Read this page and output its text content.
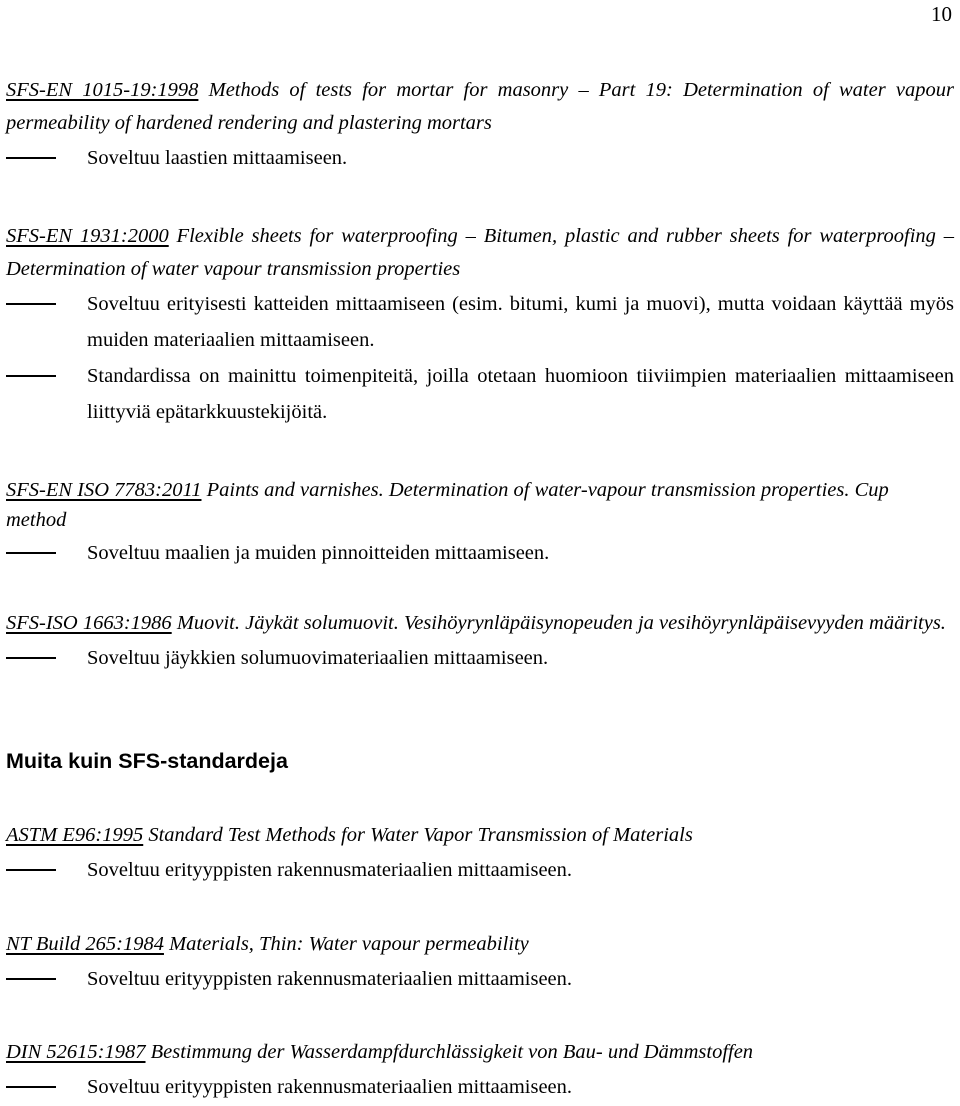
10
SFS-EN 1015-19:1998 Methods of tests for mortar for masonry – Part 19: Determination of water vapour permeability of hardened rendering and plastering mortars
Soveltuu laastien mittaamiseen.
SFS-EN 1931:2000 Flexible sheets for waterproofing – Bitumen, plastic and rubber sheets for waterproofing – Determination of water vapour transmission properties
Soveltuu erityisesti katteiden mittaamiseen (esim. bitumi, kumi ja muovi), mutta voidaan käyttää myös muiden materiaalien mittaamiseen.
Standardissa on mainittu toimenpiteitä, joilla otetaan huomioon tiiviimpien materiaalien mittaamiseen liittyviä epätarkkuustekijöitä.
SFS-EN ISO 7783:2011 Paints and varnishes. Determination of water-vapour transmission properties. Cup method
Soveltuu maalien ja muiden pinnoitteiden mittaamiseen.
SFS-ISO 1663:1986 Muovit. Jäykät solumuovit. Vesihöyrynläpäisynopeuden ja vesihöyrynläpäisevyyden määritys.
Soveltuu jäykkien solumuovimateriaalien mittaamiseen.
Muita kuin SFS-standardeja
ASTM E96:1995 Standard Test Methods for Water Vapor Transmission of Materials
Soveltuu erityyppisten rakennusmateriaalien mittaamiseen.
NT Build 265:1984 Materials, Thin: Water vapour permeability
Soveltuu erityyppisten rakennusmateriaalien mittaamiseen.
DIN 52615:1987 Bestimmung der Wasserdampfdurchlässigkeit von Bau- und Dämmstoffen
Soveltuu erityyppisten rakennusmateriaalien mittaamiseen.
